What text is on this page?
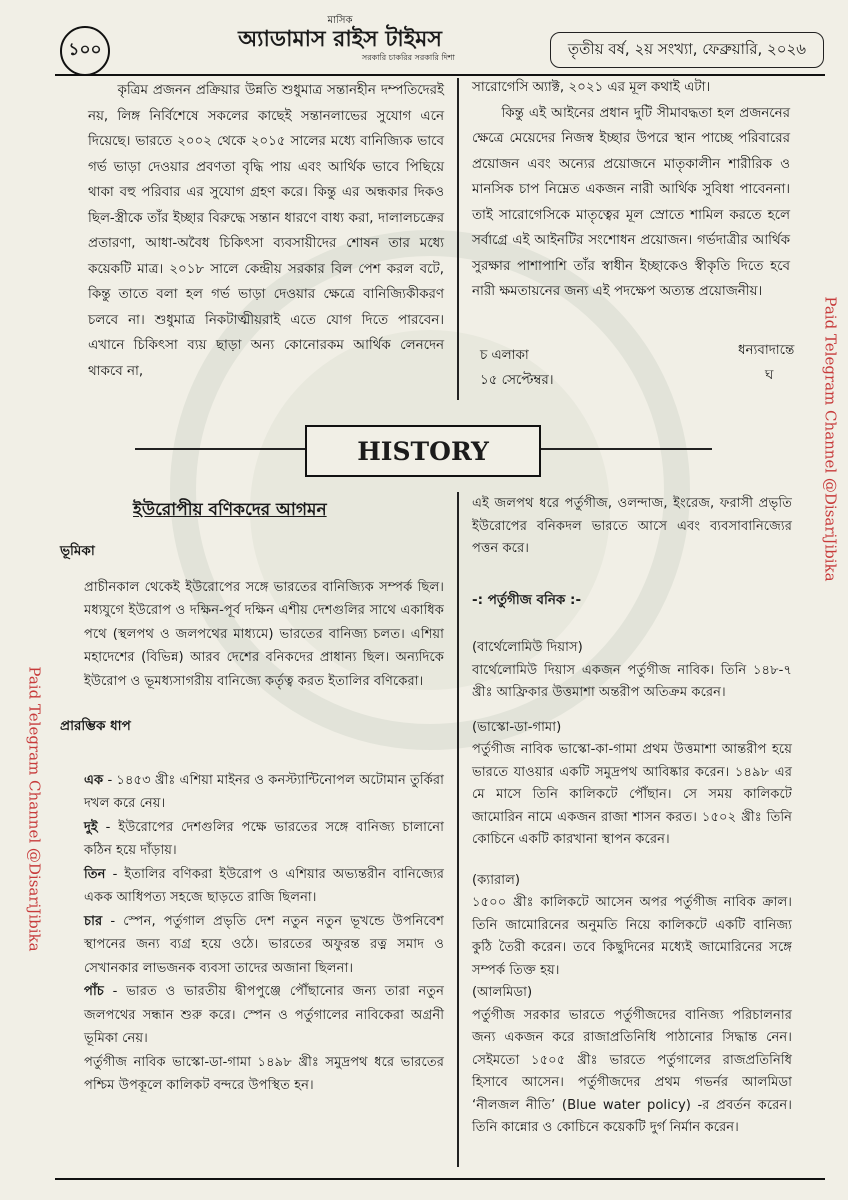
১০০
মাসিক
অ্যাডামাস রাইস টাইমস
সরকারি চাকরির সরকারি দিশা	তৃতীয় বর্ষ, ২য় সংখ্যা, ফেব্রুয়ারি, ২০২৬

কৃত্রিম প্রজনন প্রক্রিয়ার উন্নতি শুধুমাত্র সন্তানহীন দম্পতিদেরই নয়, লিঙ্গ নির্বিশেষে সকলের কাছেই সন্তানলাভের সুযোগ এনে দিয়েছে। ভারতে ২০০২ থেকে ২০১৫ সালের মধ্যে বানিজ্যিক ভাবে গর্ভ ভাড়া দেওয়ার প্রবণতা বৃদ্ধি পায় এবং আর্থিক ভাবে পিছিয়ে থাকা বহু পরিবার এর সুযোগ গ্রহণ করে। কিন্তু এর অন্ধকার দিকও ছিল-স্ত্রীকে তাঁর ইচ্ছার বিরুদ্ধে সন্তান ধারণে বাধ্য করা, দালালচক্রের প্রতারণা, আধা-অবৈধ চিকিৎসা ব্যবসায়ীদের শোষন তার মধ্যে কয়েকটি মাত্র। ২০১৮ সালে কেন্দ্রীয় সরকার বিল পেশ করল বটে, কিন্তু তাতে বলা হল গর্ভ ভাড়া দেওয়ার ক্ষেত্রে বানিজ্যিকীকরণ চলবে না। শুধুমাত্র নিকটাত্মীয়রাই এতে যোগ দিতে পারবেন। এখানে চিকিৎসা ব্যয় ছাড়া অন্য কোনোরকম আর্থিক লেনদেন থাকবে না,

সারোগেসি অ্যাক্ট, ২০২১ এর মূল কথাই এটা।

কিন্তু এই আইনের প্রধান দুটি সীমাবদ্ধতা হল প্রজননের ক্ষেত্রে মেয়েদের নিজস্ব ইচ্ছার উপরে স্থান পাচ্ছে পরিবারের প্রয়োজন এবং অন্যের প্রয়োজনে মাতৃকালীন শারীরিক ও মানসিক চাপ নিম্নেত একজন নারী আর্থিক সুবিধা পাবেননা। তাই সারোগেসিকে মাতৃত্বের মূল স্রোতে শামিল করতে হলে সর্বাগ্রে এই আইনটির সংশোধন প্রয়োজন। গর্ভদাত্রীর আর্থিক সুরক্ষার পাশাপাশি তাঁর স্বাধীন ইচ্ছাকেও স্বীকৃতি দিতে হবে নারী ক্ষমতায়নের জন্য এই পদক্ষেপ অত্যন্ত প্রয়োজনীয়।

চ এলাকা
১৫ সেপ্টেম্বর।
ধন্যবাদান্তে
ঘ
HISTORY
ইউরোপীয় বণিকদের আগমন

ভূমিকা

প্রাচীনকাল থেকেই ইউরোপের সঙ্গে ভারতের বানিজ্যিক সম্পর্ক ছিল। মধ্যযুগে ইউরোপ ও দক্ষিন-পূর্ব দক্ষিন এশীয় দেশগুলির সাথে একাধিক পথে (স্থলপথ ও জলপথের মাধ্যমে) ভারতের বানিজ্য চলত। এশিয়া মহাদেশের (বিভিন্ন) আরব দেশের বনিকদের প্রাধান্য ছিল। অন্যদিকে ইউরোপ ও ভূমধ্যসাগরীয় বানিজ্যে কর্তৃত্ব করত ইতালির বণিকেরা।

প্রারম্ভিক ধাপ

এক - ১৪৫৩ খ্রীঃ এশিয়া মাইনর ও কনস্ট্যান্টিনোপল অটোমান তুর্কিরা দখল করে নেয়।

দুই - ইউরোপের দেশগুলির পক্ষে ভারতের সঙ্গে বানিজ্য চালানো কঠিন হয়ে দাঁড়ায়।

তিন - ইতালির বণিকরা ইউরোপ ও এশিয়ার অভ্যন্তরীন বানিজ্যের একক আধিপত্য সহজে ছাড়তে রাজি ছিলনা।

চার - স্পেন, পর্তুগাল প্রভৃতি দেশ নতুন নতুন ভূখন্ডে উপনিবেশ স্থাপনের জন্য ব্যগ্র হয়ে ওঠে। ভারতের অফুরন্ত রত্ন সমাদ ও সেখানকার লাভজনক ব্যবসা তাদের অজানা ছিলনা।

পাঁচ - ভারত ও ভারতীয় দ্বীপপুঞ্জে পৌঁছানোর জন্য তারা নতুন জলপথের সন্ধান শুরু করে। স্পেন ও পর্তুগালের নাবিকেরা অগ্রনী ভূমিকা নেয়।

পর্তুগীজ নাবিক ভাস্কো-ডা-গামা ১৪৯৮ খ্রীঃ সমুদ্রপথ ধরে ভারতের পশ্চিম উপকূলে কালিকট বন্দরে উপস্থিত হন।

এই জলপথ ধরে পর্তুগীজ, ওলন্দাজ, ইংরেজ, ফরাসী প্রভৃতি ইউরোপের বনিকদল ভারতে আসে এবং ব্যবসাবানিজ্যের পত্তন করে।

-: পর্তুগীজ বনিক :-

(বার্থেলোমিউ দিয়াস)

বার্থেলোমিউ দিয়াস একজন পর্তুগীজ নাবিক। তিনি ১৪৮-৭ খ্রীঃ আফ্রিকার উত্তমাশা অন্তরীপ অতিক্রম করেন।

(ভাস্কো-ডা-গামা)

পর্তুগীজ নাবিক ভাস্কো-কা-গামা প্রথম উত্তমাশা আন্তরীপ হয়ে ভারতে যাওয়ার একটি সমুদ্রপথ আবিষ্কার করেন। ১৪৯৮ এর মে মাসে তিনি কালিকটে পৌঁছান। সে সময় কালিকটে জামোরিন নামে একজন রাজা শাসন করত। ১৫০২ খ্রীঃ তিনি কোচিনে একটি কারখানা স্থাপন করেন।

(ক্যারাল)

১৫০০ খ্রীঃ কালিকটে আসেন অপর পর্তুগীজ নাবিক ক্রাল। তিনি জামোরিনের অনুমতি নিয়ে কালিকটে একটি বানিজ্য কুঠি তৈরী করেন। তবে কিছুদিনের মধ্যেই জামোরিনের সঙ্গে সম্পর্ক তিক্ত হয়।

(আলমিডা)

পর্তুগীজ সরকার ভারতে পর্তুগীজদের বানিজ্য পরিচালনার জন্য একজন করে রাজাপ্রতিনিধি পাঠানোর সিদ্ধান্ত নেন। সেইমতো ১৫০৫ খ্রীঃ ভারতে পর্তুগালের রাজপ্রতিনিধি হিসাবে আসেন। পর্তুগীজদের প্রথম গভর্নর আলমিডা ‘নীলজল নীতি’ (Blue water policy) -র প্রবর্তন করেন। তিনি কান্নোর ও কোচিনে কয়েকটি দুর্গ নির্মান করেন।

Paid Telegram Channel @DisariJibika
Paid Telegram Channel @DisariJibika
